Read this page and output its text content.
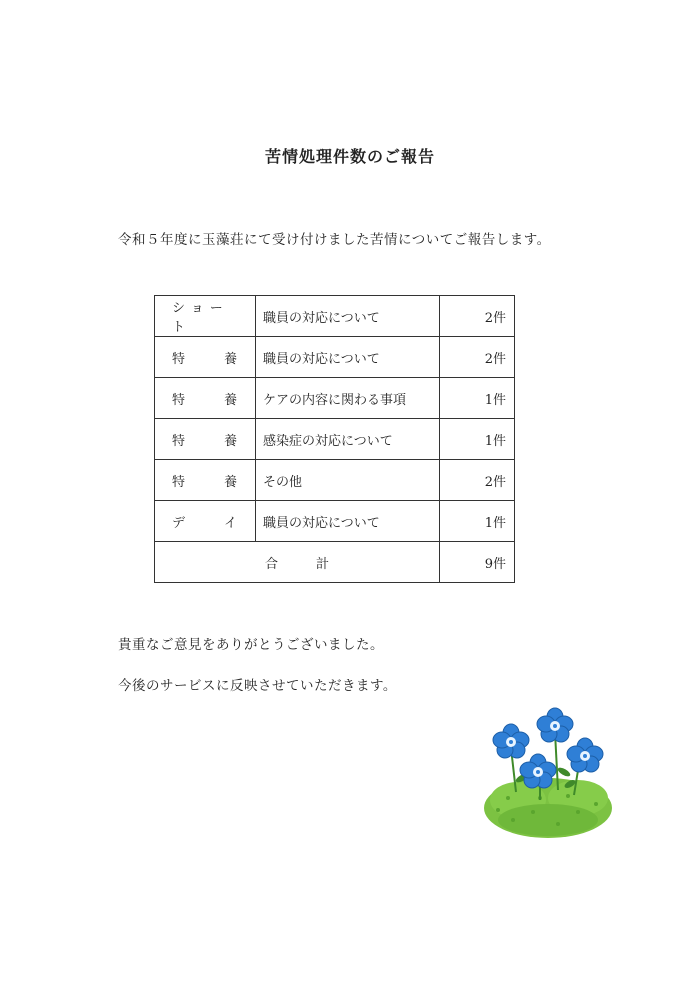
苦情処理件数のご報告
令和５年度に玉藻荘にて受け付けました苦情についてご報告します。
ショート	職員の対応について	2件

特 養	職員の対応について	2件

特 養	ケアの内容に関わる事項	1件

特 養	感染症の対応について	1件

特 養	その他	2件

デ イ	職員の対応について	1件

合 計		9件
貴重なご意見をありがとうございました。
今後のサービスに反映させていただきます。
